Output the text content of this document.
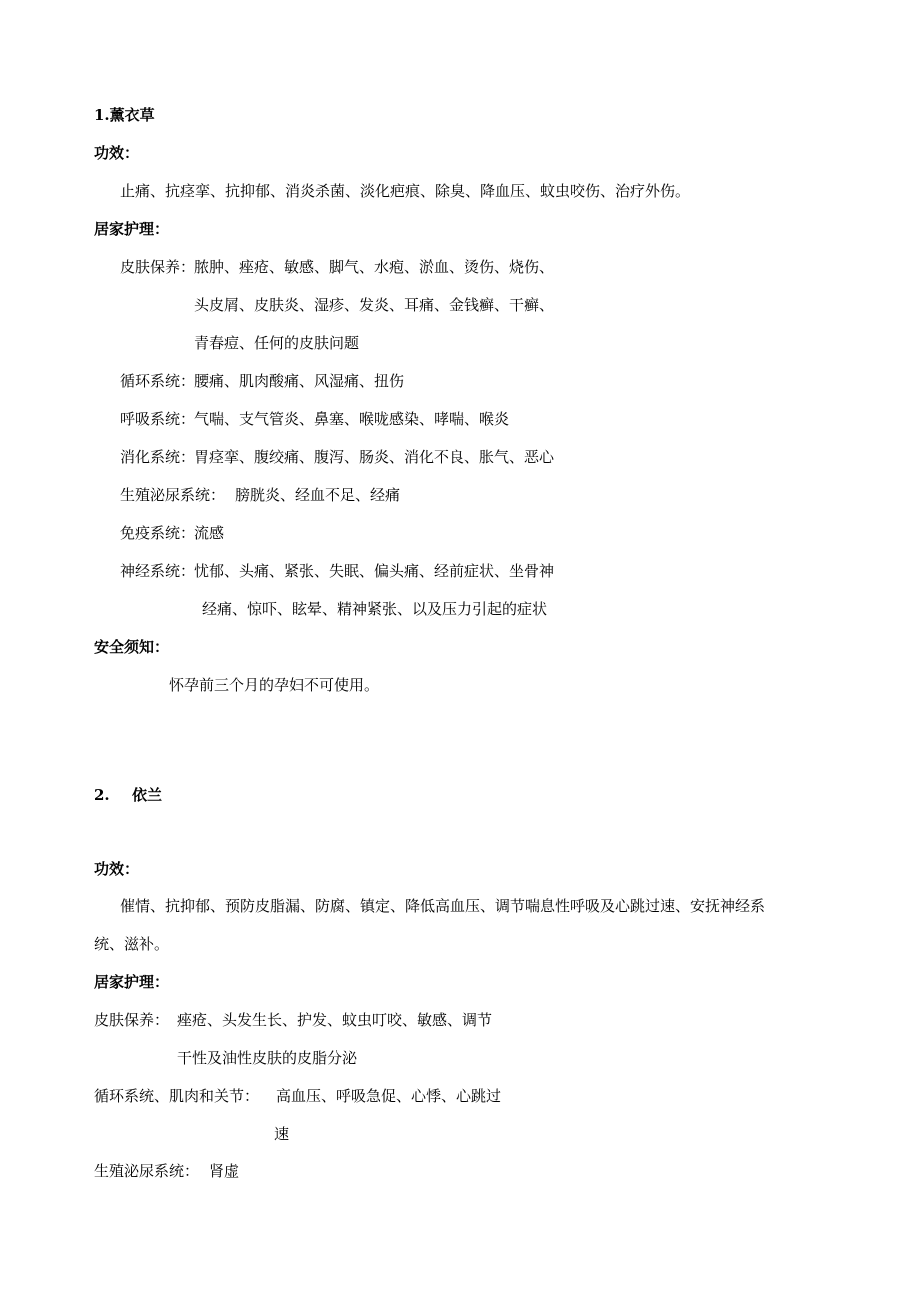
1.薰衣草
功效：
止痛、抗痉挛、抗抑郁、消炎杀菌、淡化疤痕、除臭、降血压、蚊虫咬伤、治疗外伤。
居家护理：
皮肤保养：
脓肿、痤疮、敏感、脚气、水疱、淤血、烫伤、烧伤、
头皮屑、皮肤炎、湿疹、发炎、耳痛、金钱癣、干癣、
青春痘、任何的皮肤问题
循环系统：
腰痛、肌肉酸痛、风湿痛、扭伤
呼吸系统：
气喘、支气管炎、鼻塞、喉咙感染、哮喘、喉炎
消化系统：
胃痉挛、腹绞痛、腹泻、肠炎、消化不良、胀气、恶心
生殖泌尿系统： 膀胱炎、经血不足、经痛
免疫系统：
流感
神经系统：
忧郁、头痛、紧张、失眠、偏头痛、经前症状、坐骨神
经痛、惊吓、眩晕、精神紧张、以及压力引起的症状
安全须知：
怀孕前三个月的孕妇不可使用。
2. 依兰
功效：
催情、抗抑郁、预防皮脂漏、防腐、镇定、降低高血压、调节喘息性呼吸及心跳过速、安抚神经系
统、滋补。
居家护理：
皮肤保养： 痤疮、头发生长、护发、蚊虫叮咬、敏感、调节
干性及油性皮肤的皮脂分泌
循环系统、肌肉和关节： 高血压、呼吸急促、心悸、心跳过
速
生殖泌尿系统： 肾虚
